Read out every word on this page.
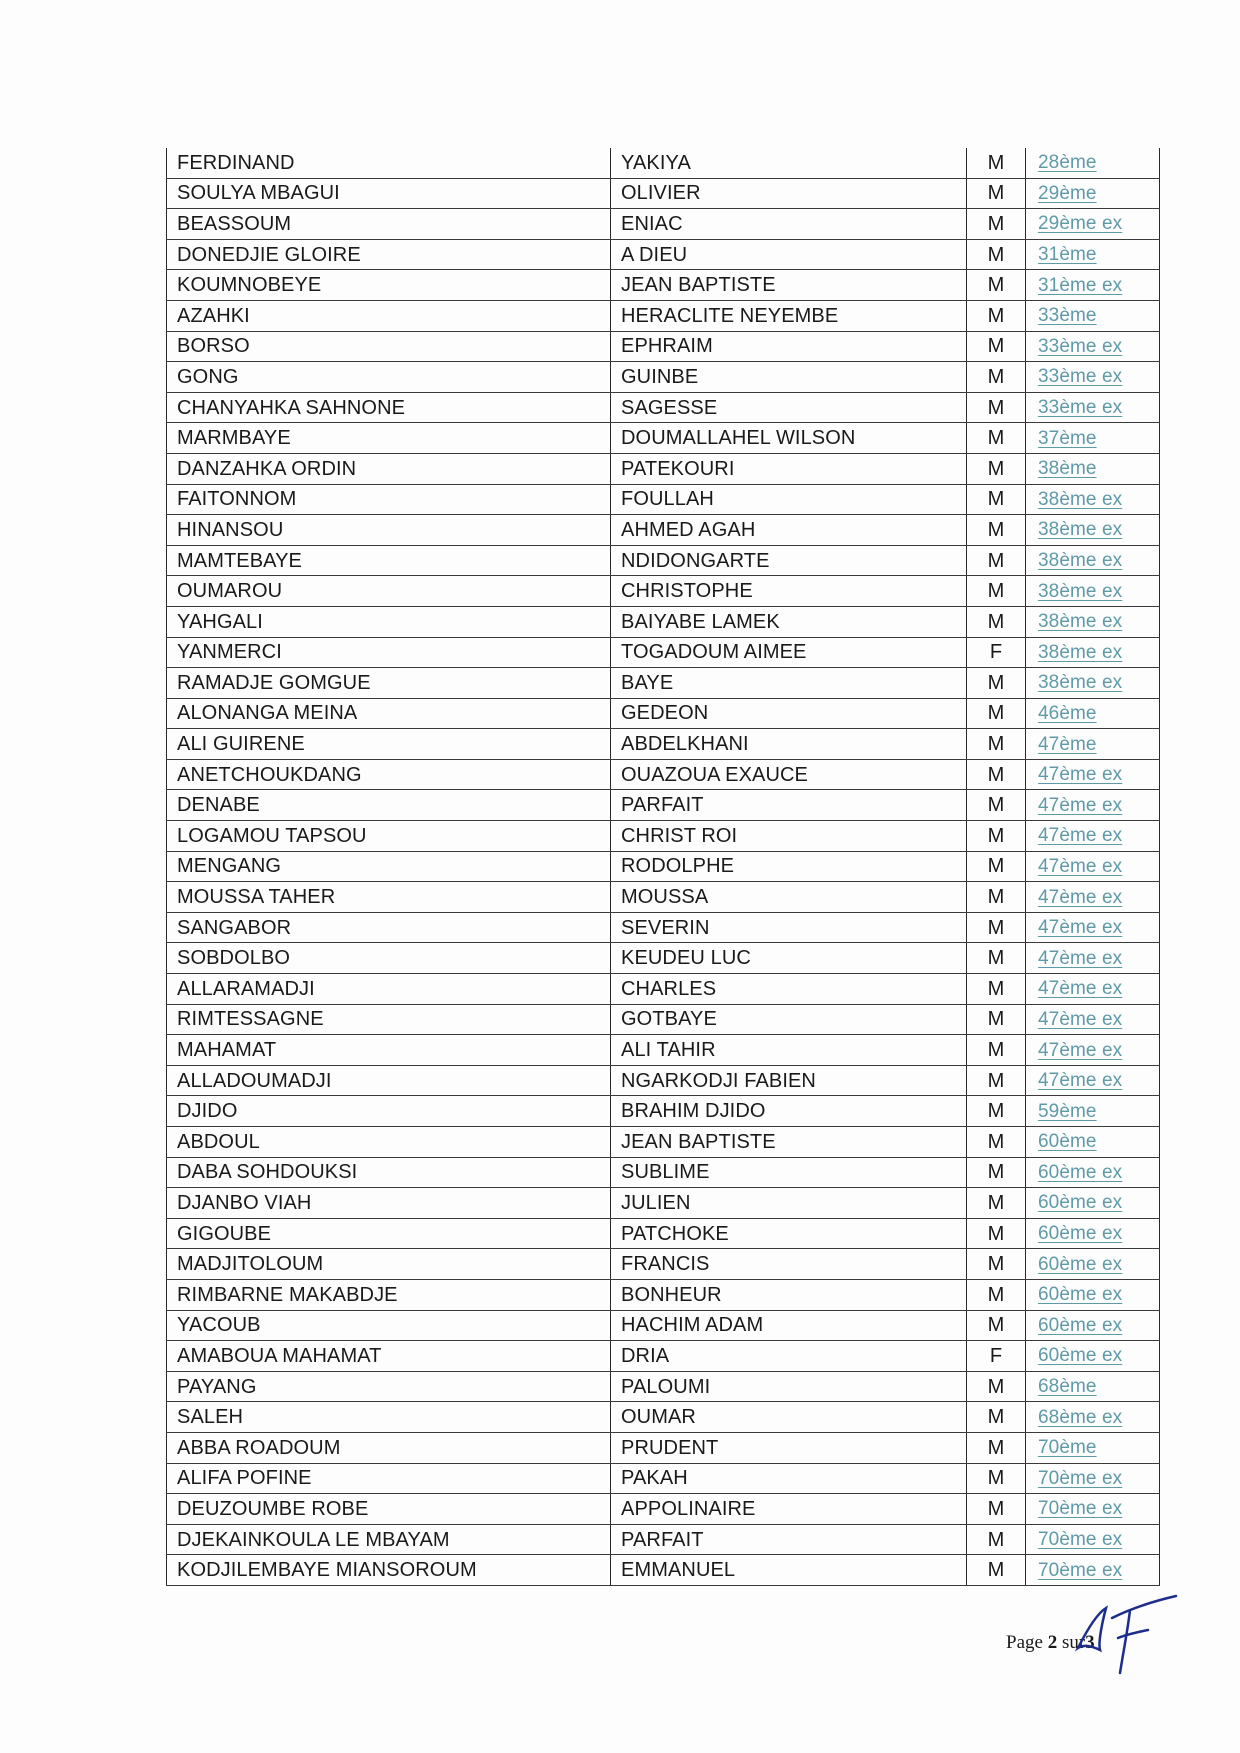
FERDINAND	YAKIYA	M	28ème
SOULYA MBAGUI	OLIVIER	M	29ème
BEASSOUM	ENIAC	M	29ème ex
DONEDJIE GLOIRE	A DIEU	M	31ème
KOUMNOBEYE	JEAN BAPTISTE	M	31ème ex
AZAHKI	HERACLITE NEYEMBE	M	33ème
BORSO	EPHRAIM	M	33ème ex
GONG	GUINBE	M	33ème ex
CHANYAHKA SAHNONE	SAGESSE	M	33ème ex
MARMBAYE	DOUMALLAHEL WILSON	M	37ème
DANZAHKA ORDIN	PATEKOURI	M	38ème
FAITONNOM	FOULLAH	M	38ème ex
HINANSOU	AHMED AGAH	M	38ème ex
MAMTEBAYE	NDIDONGARTE	M	38ème ex
OUMAROU	CHRISTOPHE	M	38ème ex
YAHGALI	BAIYABE LAMEK	M	38ème ex
YANMERCI	TOGADOUM AIMEE	F	38ème ex
RAMADJE GOMGUE	BAYE	M	38ème ex
ALONANGA MEINA	GEDEON	M	46ème
ALI GUIRENE	ABDELKHANI	M	47ème
ANETCHOUKDANG	OUAZOUA EXAUCE	M	47ème ex
DENABE	PARFAIT	M	47ème ex
LOGAMOU TAPSOU	CHRIST ROI	M	47ème ex
MENGANG	RODOLPHE	M	47ème ex
MOUSSA TAHER	MOUSSA	M	47ème ex
SANGABOR	SEVERIN	M	47ème ex
SOBDOLBO	KEUDEU LUC	M	47ème ex
ALLARAMADJI	CHARLES	M	47ème ex
RIMTESSAGNE	GOTBAYE	M	47ème ex
MAHAMAT	ALI TAHIR	M	47ème ex
ALLADOUMADJI	NGARKODJI FABIEN	M	47ème ex
DJIDO	BRAHIM DJIDO	M	59ème
ABDOUL	JEAN BAPTISTE	M	60ème
DABA SOHDOUKSI	SUBLIME	M	60ème ex
DJANBO VIAH	JULIEN	M	60ème ex
GIGOUBE	PATCHOKE	M	60ème ex
MADJITOLOUM	FRANCIS	M	60ème ex
RIMBARNE MAKABDJE	BONHEUR	M	60ème ex
YACOUB	HACHIM ADAM	M	60ème ex
AMABOUA MAHAMAT	DRIA	F	60ème ex
PAYANG	PALOUMI	M	68ème
SALEH	OUMAR	M	68ème ex
ABBA ROADOUM	PRUDENT	M	70ème
ALIFA POFINE	PAKAH	M	70ème ex
DEUZOUMBE ROBE	APPOLINAIRE	M	70ème ex
DJEKAINKOULA LE MBAYAM	PARFAIT	M	70ème ex
KODJILEMBAYE MIANSOROUM	EMMANUEL	M	70ème ex
Page 2 sur3
